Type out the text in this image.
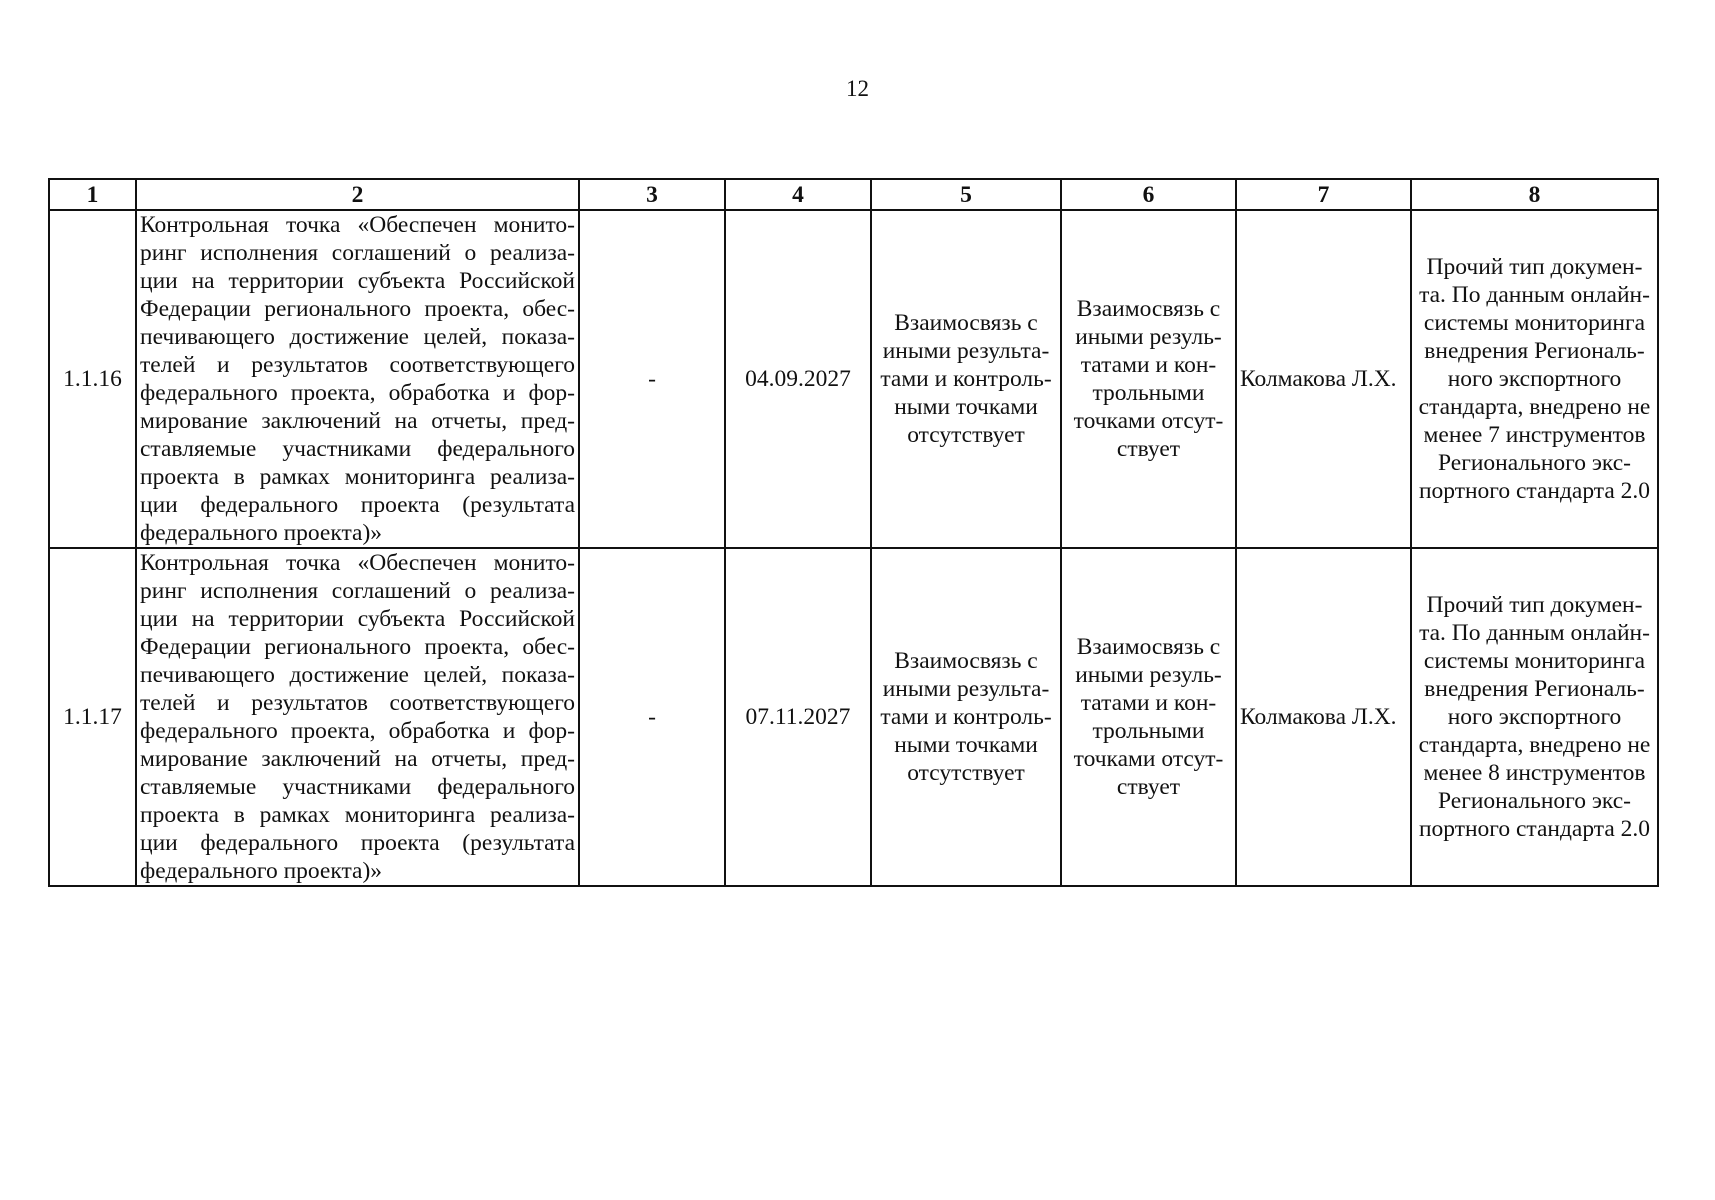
12
1	2	3	4	5	6	7	8
1.1.16	Контрольная точка «Обеспечен монито-ринг исполнения соглашений о реализа-ции на территории субъекта Российской Федерации регионального проекта, обес-печивающего достижение целей, показа-телей и результатов соответствующего федерального проекта, обработка и фор-мирование заключений на отчеты, пред-ставляемые участниками федерального проекта в рамках мониторинга реализа-ции федерального проекта (результата федерального проекта)»	-	04.09.2027	Взаимосвязь с иными результа-тами и контроль-ными точками отсутствует	Взаимосвязь с иными резуль-татами и кон-трольными точками отсут-ствует	Колмакова Л.Х.	Прочий тип докумен-та. По данным онлайн-системы мониторинга внедрения Региональ-ного экспортного стандарта, внедрено не менее 7 инструментов Регионального экс-портного стандарта 2.0
1.1.17	Контрольная точка «Обеспечен монито-ринг исполнения соглашений о реализа-ции на территории субъекта Российской Федерации регионального проекта, обес-печивающего достижение целей, показа-телей и результатов соответствующего федерального проекта, обработка и фор-мирование заключений на отчеты, пред-ставляемые участниками федерального проекта в рамках мониторинга реализа-ции федерального проекта (результата федерального проекта)»	-	07.11.2027	Взаимосвязь с иными результа-тами и контроль-ными точками отсутствует	Взаимосвязь с иными резуль-татами и кон-трольными точками отсут-ствует	Колмакова Л.Х.	Прочий тип докумен-та. По данным онлайн-системы мониторинга внедрения Региональ-ного экспортного стандарта, внедрено не менее 8 инструментов Регионального экс-портного стандарта 2.0
